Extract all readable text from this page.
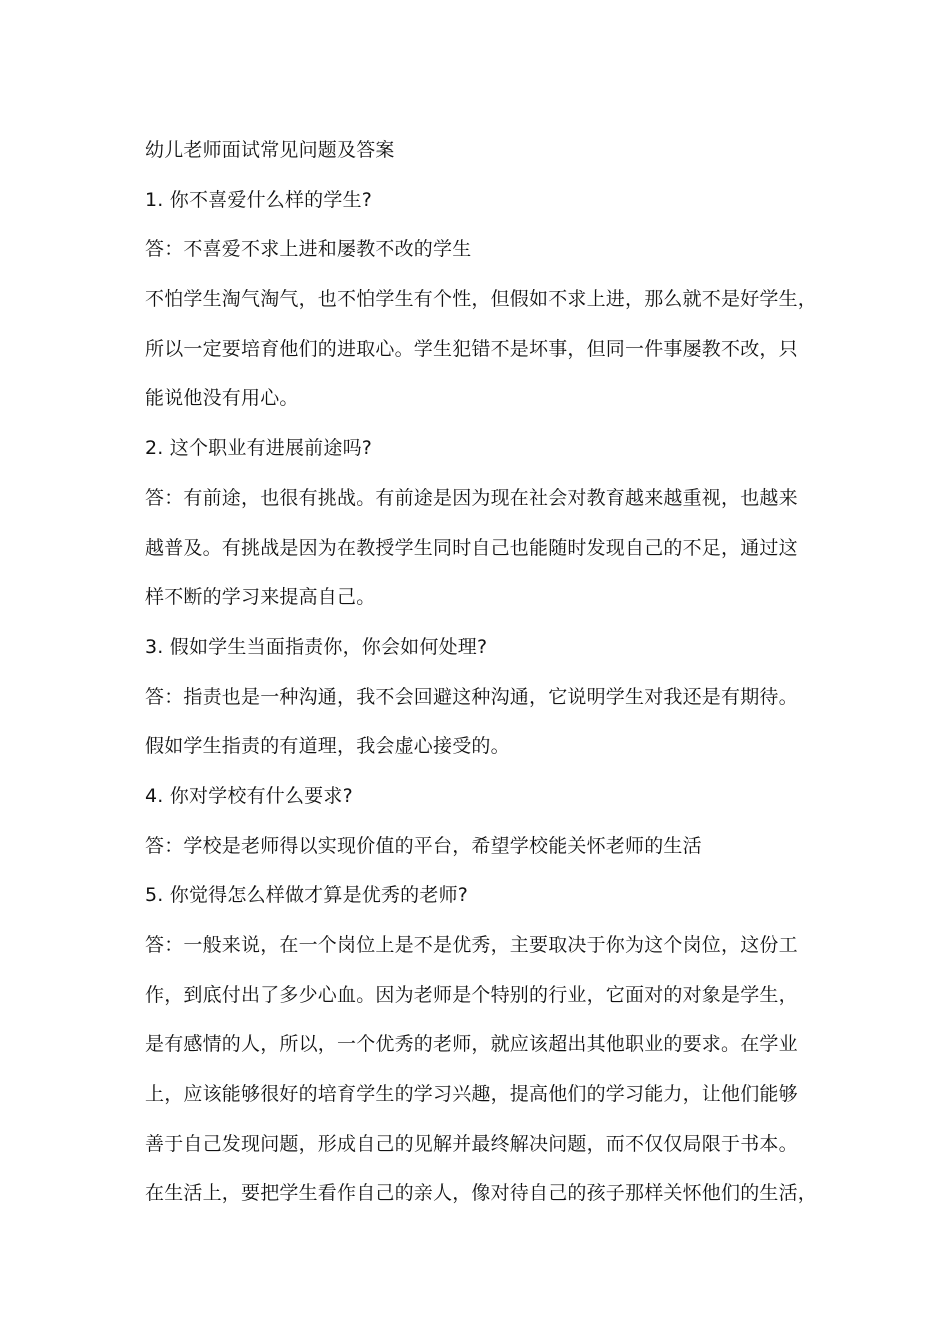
幼儿老师面试常见问题及答案
1. 你不喜爱什么样的学生?
答：不喜爱不求上进和屡教不改的学生
不怕学生淘气淘气，也不怕学生有个性，但假如不求上进，那么就不是好学生，
所以一定要培育他们的进取心。学生犯错不是坏事，但同一件事屡教不改，只
能说他没有用心。
2. 这个职业有进展前途吗?
答：有前途，也很有挑战。有前途是因为现在社会对教育越来越重视，也越来
越普及。有挑战是因为在教授学生同时自己也能随时发现自己的不足，通过这
样不断的学习来提高自己。
3. 假如学生当面指责你，你会如何处理?
答：指责也是一种沟通，我不会回避这种沟通，它说明学生对我还是有期待。
假如学生指责的有道理，我会虚心接受的。
4. 你对学校有什么要求?
答：学校是老师得以实现价值的平台，希望学校能关怀老师的生活
5. 你觉得怎么样做才算是优秀的老师?
答：一般来说，在一个岗位上是不是优秀，主要取决于你为这个岗位，这份工
作，到底付出了多少心血。因为老师是个特别的行业，它面对的对象是学生，
是有感情的人，所以，一个优秀的老师，就应该超出其他职业的要求。在学业
上，应该能够很好的培育学生的学习兴趣，提高他们的学习能力，让他们能够
善于自己发现问题，形成自己的见解并最终解决问题，而不仅仅局限于书本。
在生活上，要把学生看作自己的亲人，像对待自己的孩子那样关怀他们的生活，
